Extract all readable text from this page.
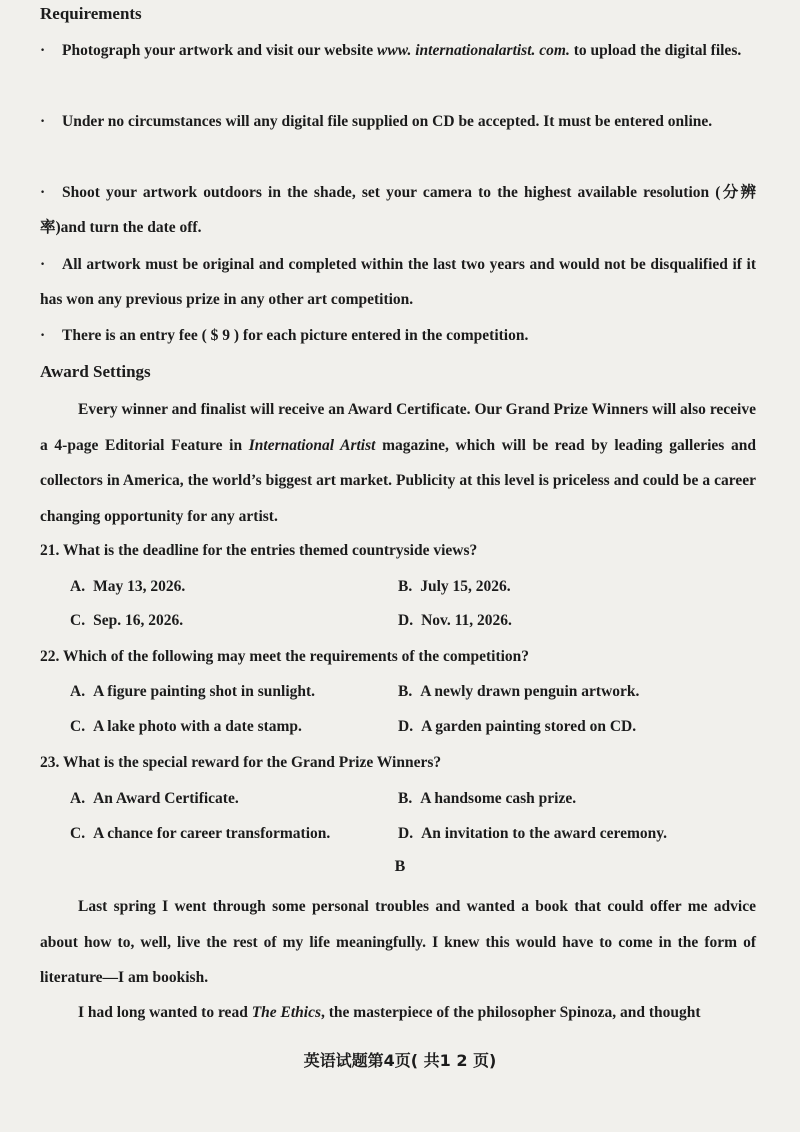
Requirements
· Photograph your artwork and visit our website www. internationalartist. com. to upload the digital files.
· Under no circumstances will any digital file supplied on CD be accepted. It must be entered online.
· Shoot your artwork outdoors in the shade, set your camera to the highest available resolution (分辨率)and turn the date off.
· All artwork must be original and completed within the last two years and would not be disqualified if it has won any previous prize in any other art competition.
· There is an entry fee ( $ 9 ) for each picture entered in the competition.
Award Settings
Every winner and finalist will receive an Award Certificate. Our Grand Prize Winners will also receive a 4-page Editorial Feature in International Artist magazine, which will be read by leading galleries and collectors in America, the world’s biggest art market. Publicity at this level is priceless and could be a career changing opportunity for any artist.
21. What is the deadline for the entries themed countryside views?
A. May 13, 2026.	B. July 15, 2026.
C. Sep. 16, 2026.	D. Nov. 11, 2026.
22. Which of the following may meet the requirements of the competition?
A. A figure painting shot in sunlight.	B. A newly drawn penguin artwork.
C. A lake photo with a date stamp.	D. A garden painting stored on CD.
23. What is the special reward for the Grand Prize Winners?
A. An Award Certificate.	B. A handsome cash prize.
C. A chance for career transformation.	D. An invitation to the award ceremony.
B
Last spring I went through some personal troubles and wanted a book that could offer me advice about how to, well, live the rest of my life meaningfully. I knew this would have to come in the form of literature—I am bookish.
I had long wanted to read The Ethics, the masterpiece of the philosopher Spinoza, and thought
英语试题第4页( 共1 2 页)
